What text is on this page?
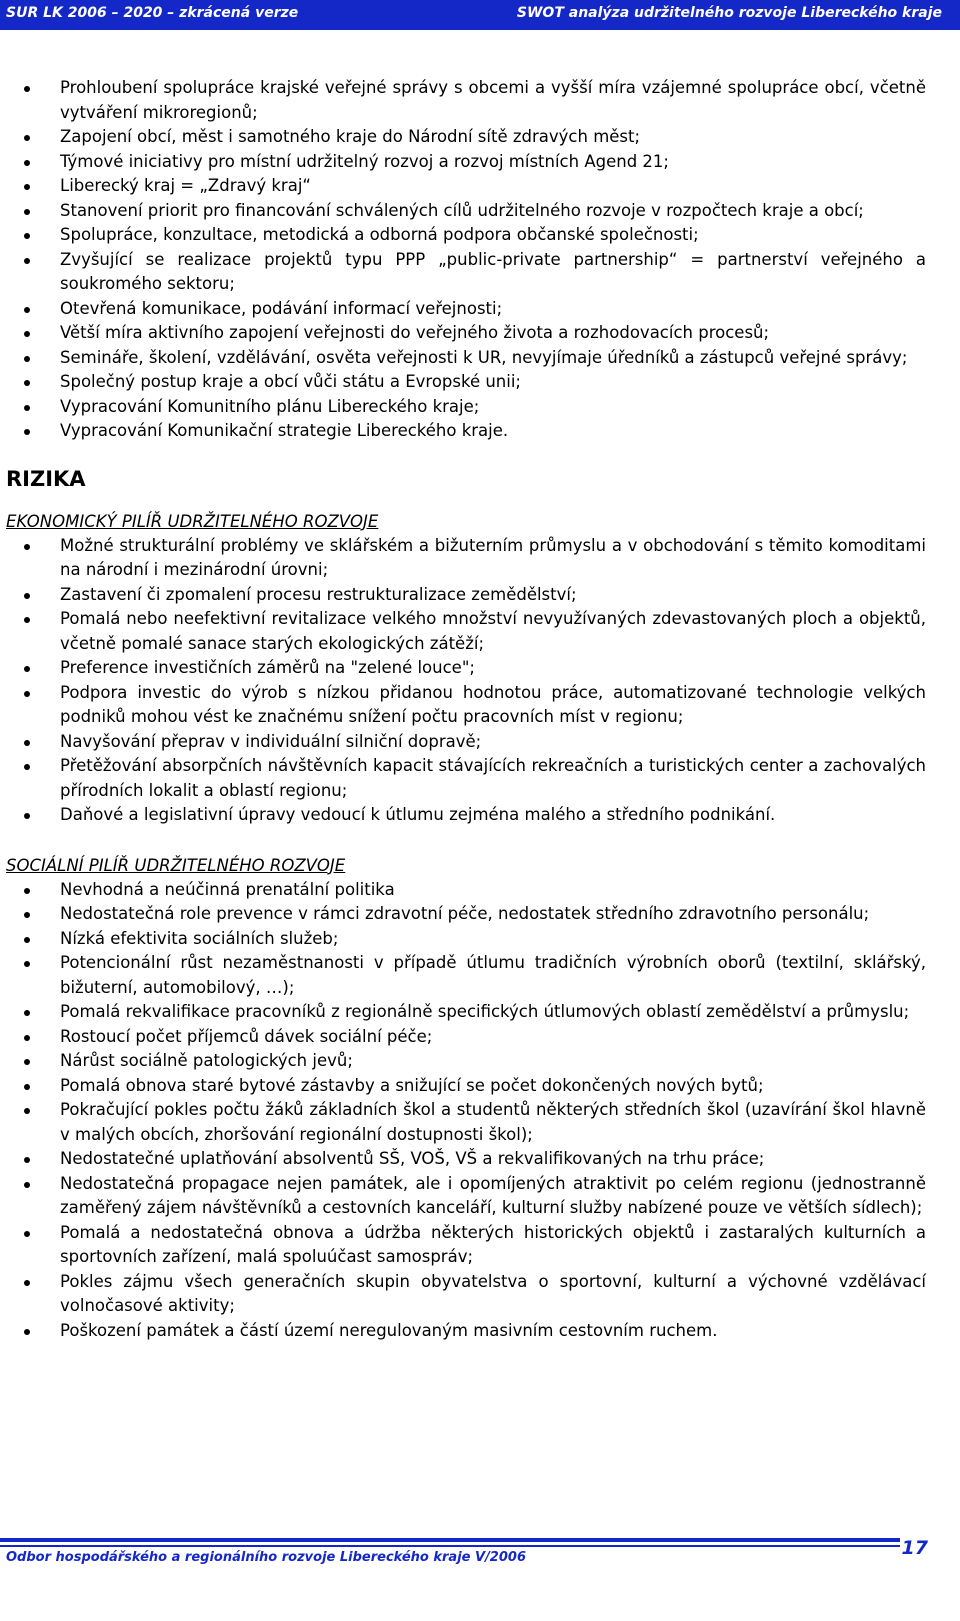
SUR LK 2006 – 2020 – zkrácená verze	SWOT analýza udržitelného rozvoje Libereckého kraje
Prohloubení spolupráce krajské veřejné správy s obcemi a vyšší míra vzájemné spolupráce obcí, včetně vytváření mikroregionů;
Zapojení obcí, měst i samotného kraje do Národní sítě zdravých měst;
Týmové iniciativy pro místní udržitelný rozvoj a rozvoj místních Agend 21;
Liberecký kraj = „Zdravý kraj“
Stanovení priorit pro financování schválených cílů udržitelného rozvoje v rozpočtech kraje a obcí;
Spolupráce, konzultace, metodická a odborná podpora občanské společnosti;
Zvyšující se realizace projektů typu PPP „public-private partnership“ = partnerství veřejného a soukromého sektoru;
Otevřená komunikace, podávání informací veřejnosti;
Větší míra aktivního zapojení veřejnosti do veřejného života a rozhodovacích procesů;
Semináře, školení, vzdělávání, osvěta veřejnosti k UR, nevyjímaje úředníků a zástupců veřejné správy;
Společný postup kraje a obcí vůči státu a Evropské unii;
Vypracování Komunitního plánu Libereckého kraje;
Vypracování Komunikační strategie Libereckého kraje.
RIZIKA
EKONOMICKÝ PILÍŘ UDRŽITELNÉHO ROZVOJE
Možné strukturální problémy ve sklářském a bižuterním průmyslu a v obchodování s těmito komoditami na národní i mezinárodní úrovni;
Zastavení či zpomalení procesu restrukturalizace zemědělství;
Pomalá nebo neefektivní revitalizace velkého množství nevyužívaných zdevastovaných ploch a objektů, včetně pomalé sanace starých ekologických zátěží;
Preference investičních záměrů na "zelené louce";
Podpora investic do výrob s nízkou přidanou hodnotou práce, automatizované technologie velkých podniků mohou vést ke značnému snížení počtu pracovních míst v regionu;
Navyšování přeprav v individuální silniční dopravě;
Přetěžování absorpčních návštěvních kapacit stávajících rekreačních a turistických center a zachovalých přírodních lokalit a oblastí regionu;
Daňové a legislativní úpravy vedoucí k útlumu zejména malého a středního podnikání.
SOCIÁLNÍ PILÍŘ UDRŽITELNÉHO ROZVOJE
Nevhodná a neúčinná prenatální politika
Nedostatečná role prevence v rámci zdravotní péče, nedostatek středního zdravotního personálu;
Nízká efektivita sociálních služeb;
Potencionální růst nezaměstnanosti v případě útlumu tradičních výrobních oborů (textilní, sklářský, bižuterní, automobilový, …);
Pomalá rekvalifikace pracovníků z regionálně specifických útlumových oblastí zemědělství a průmyslu;
Rostoucí počet příjemců dávek sociální péče;
Nárůst sociálně patologických jevů;
Pomalá obnova staré bytové zástavby a snižující se počet dokončených nových bytů;
Pokračující pokles počtu žáků základních škol a studentů některých středních škol (uzavírání škol hlavně v malých obcích, zhoršování regionální dostupnosti škol);
Nedostatečné uplatňování absolventů SŠ, VOŠ, VŠ a rekvalifikovaných na trhu práce;
Nedostatečná propagace nejen památek, ale i opomíjených atraktivit po celém regionu (jednostranně zaměřený zájem návštěvníků a cestovních kanceláří, kulturní služby nabízené pouze ve větších sídlech);
Pomalá a nedostatečná obnova a údržba některých historických objektů i zastaralých kulturních a sportovních zařízení, malá spoluúčast samospráv;
Pokles zájmu všech generačních skupin obyvatelstva o sportovní, kulturní a výchovné vzdělávací volnočasové aktivity;
Poškození památek a částí území neregulovaným masivním cestovním ruchem.
Odbor hospodářského a regionálního rozvoje Libereckého kraje V/2006	17
